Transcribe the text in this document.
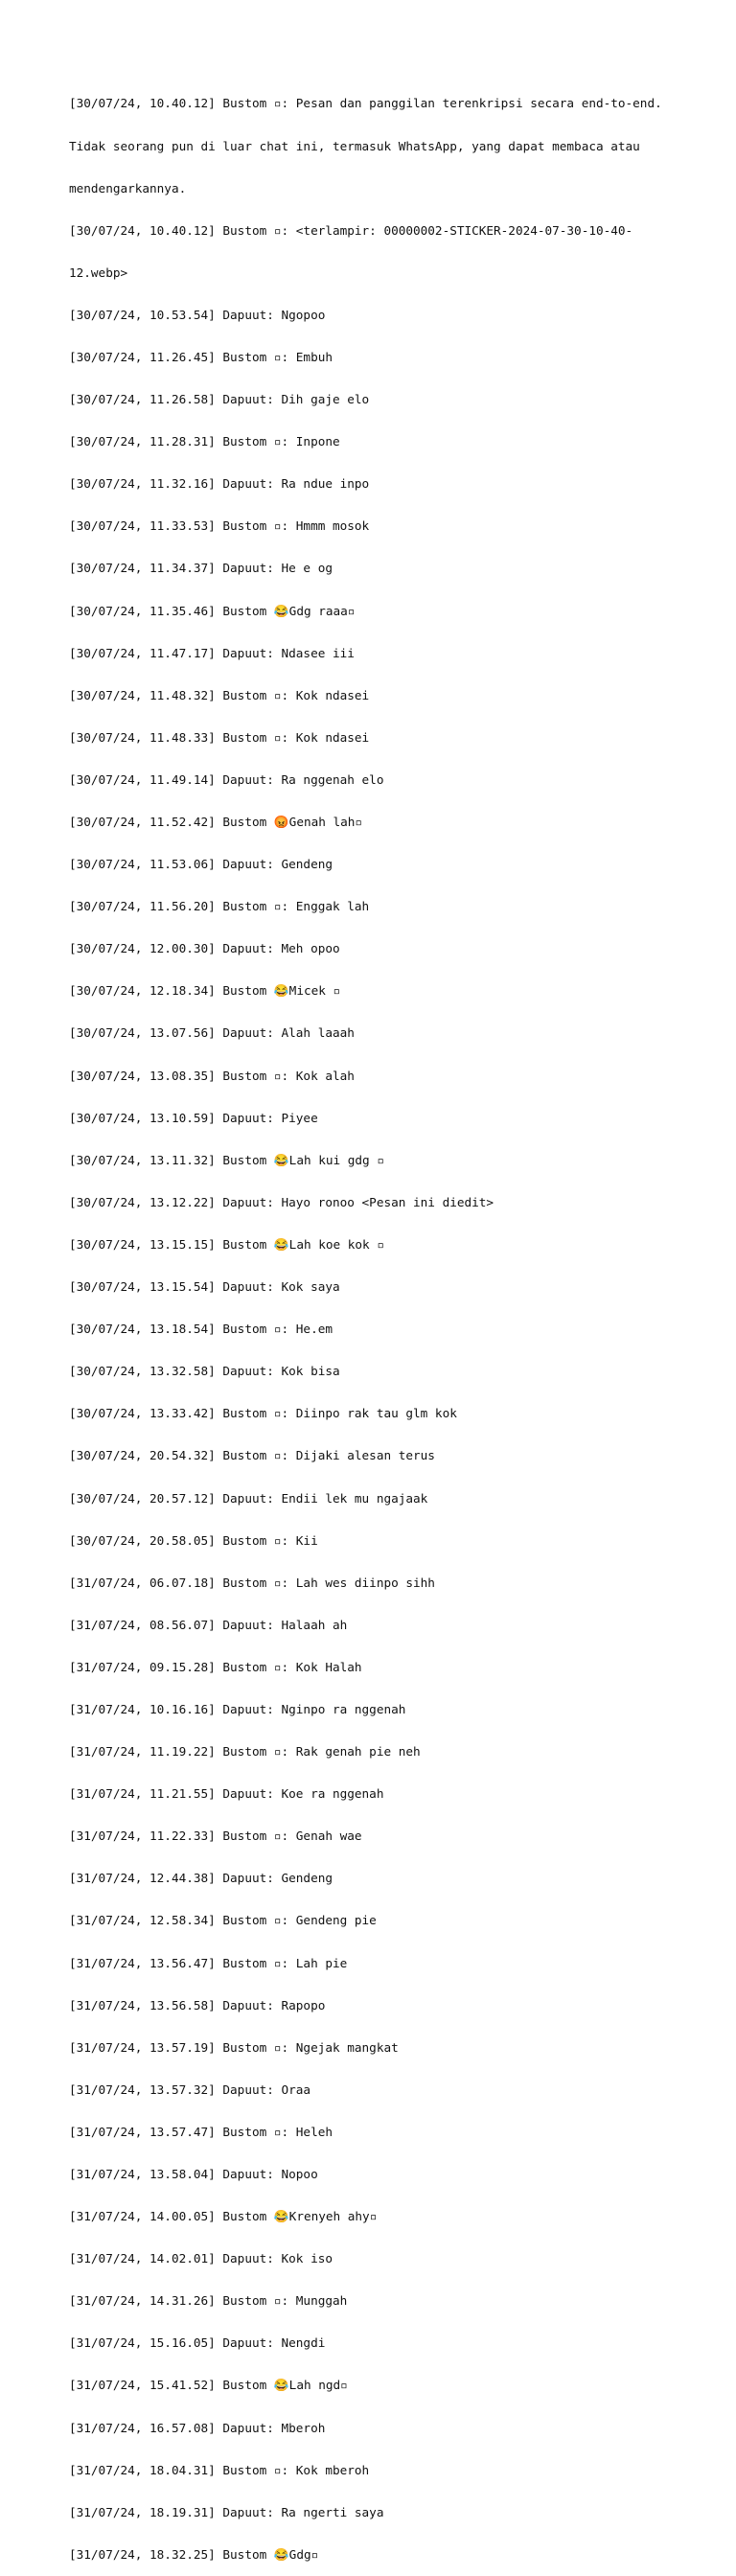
[30/07/24, 10.40.12] Bustom ▫: Pesan dan panggilan terenkripsi secara end-to-end.

Tidak seorang pun di luar chat ini, termasuk WhatsApp, yang dapat membaca atau

mendengarkannya.

[30/07/24, 10.40.12] Bustom ▫: <terlampir: 00000002-STICKER-2024-07-30-10-40-

12.webp>

[30/07/24, 10.53.54] Dapuut: Ngopoo

[30/07/24, 11.26.45] Bustom ▫: Embuh

[30/07/24, 11.26.58] Dapuut: Dih gaje elo

[30/07/24, 11.28.31] Bustom ▫: Inpone

[30/07/24, 11.32.16] Dapuut: Ra ndue inpo

[30/07/24, 11.33.53] Bustom ▫: Hmmm mosok

[30/07/24, 11.34.37] Dapuut: He e og

[30/07/24, 11.35.46] Bustom 😂Gdg raaa▫

[30/07/24, 11.47.17] Dapuut: Ndasee iii

[30/07/24, 11.48.32] Bustom ▫: Kok ndasei

[30/07/24, 11.48.33] Bustom ▫: Kok ndasei

[30/07/24, 11.49.14] Dapuut: Ra nggenah elo

[30/07/24, 11.52.42] Bustom 😡Genah lah▫

[30/07/24, 11.53.06] Dapuut: Gendeng

[30/07/24, 11.56.20] Bustom ▫: Enggak lah

[30/07/24, 12.00.30] Dapuut: Meh opoo

[30/07/24, 12.18.34] Bustom 😂Micek ▫

[30/07/24, 13.07.56] Dapuut: Alah laaah

[30/07/24, 13.08.35] Bustom ▫: Kok alah

[30/07/24, 13.10.59] Dapuut: Piyee

[30/07/24, 13.11.32] Bustom 😂Lah kui gdg ▫

[30/07/24, 13.12.22] Dapuut: Hayo ronoo <Pesan ini diedit>

[30/07/24, 13.15.15] Bustom 😂Lah koe kok ▫

[30/07/24, 13.15.54] Dapuut: Kok saya

[30/07/24, 13.18.54] Bustom ▫: He.em

[30/07/24, 13.32.58] Dapuut: Kok bisa

[30/07/24, 13.33.42] Bustom ▫: Diinpo rak tau glm kok

[30/07/24, 20.54.32] Bustom ▫: Dijaki alesan terus

[30/07/24, 20.57.12] Dapuut: Endii lek mu ngajaak

[30/07/24, 20.58.05] Bustom ▫: Kii

[31/07/24, 06.07.18] Bustom ▫: Lah wes diinpo sihh

[31/07/24, 08.56.07] Dapuut: Halaah ah

[31/07/24, 09.15.28] Bustom ▫: Kok Halah

[31/07/24, 10.16.16] Dapuut: Nginpo ra nggenah

[31/07/24, 11.19.22] Bustom ▫: Rak genah pie neh

[31/07/24, 11.21.55] Dapuut: Koe ra nggenah

[31/07/24, 11.22.33] Bustom ▫: Genah wae

[31/07/24, 12.44.38] Dapuut: Gendeng

[31/07/24, 12.58.34] Bustom ▫: Gendeng pie

[31/07/24, 13.56.47] Bustom ▫: Lah pie

[31/07/24, 13.56.58] Dapuut: Rapopo

[31/07/24, 13.57.19] Bustom ▫: Ngejak mangkat

[31/07/24, 13.57.32] Dapuut: Oraa

[31/07/24, 13.57.47] Bustom ▫: Heleh

[31/07/24, 13.58.04] Dapuut: Nopoo

[31/07/24, 14.00.05] Bustom 😂Krenyeh ahy▫

[31/07/24, 14.02.01] Dapuut: Kok iso

[31/07/24, 14.31.26] Bustom ▫: Munggah

[31/07/24, 15.16.05] Dapuut: Nengdi

[31/07/24, 15.41.52] Bustom 😂Lah ngd▫

[31/07/24, 16.57.08] Dapuut: Mberoh

[31/07/24, 18.04.31] Bustom ▫: Kok mberoh

[31/07/24, 18.19.31] Dapuut: Ra ngerti saya

[31/07/24, 18.32.25] Bustom 😂Gdg▫
